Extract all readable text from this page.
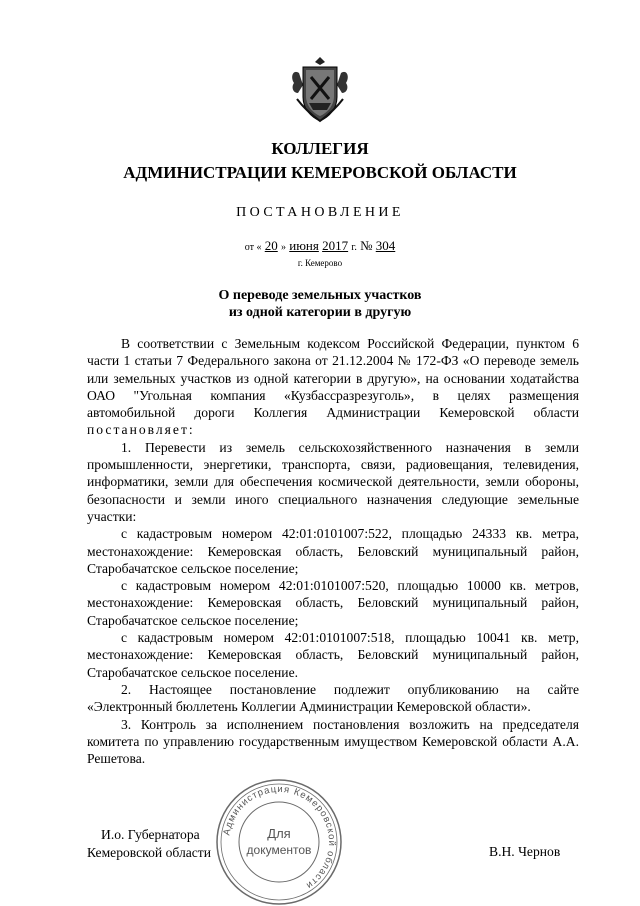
КОЛЛЕГИЯ
АДМИНИСТРАЦИИ КЕМЕРОВСКОЙ ОБЛАСТИ
ПОСТАНОВЛЕНИЕ
от « 20 » июня 2017 г. № 304
г. Кемерово
О переводе земельных участков
из одной категории в другую

В соответствии с Земельным кодексом Российской Федерации, пунктом 6 части 1 статьи 7 Федерального закона от 21.12.2004 № 172-ФЗ «О переводе земель или земельных участков из одной категории в другую», на основании ходатайства ОАО "Угольная компания «Кузбассразрезуголь», в целях размещения автомобильной дороги Коллегия Администрации Кемеровской области постановляет:

1. Перевести из земель сельскохозяйственного назначения в земли промышленности, энергетики, транспорта, связи, радиовещания, телевидения, информатики, земли для обеспечения космической деятельности, земли обороны, безопасности и земли иного специального назначения следующие земельные участки:

с кадастровым номером 42:01:0101007:522, площадью 24333 кв. метра, местонахождение: Кемеровская область, Беловский муниципальный район, Старобачатское сельское поселение;

с кадастровым номером 42:01:0101007:520, площадью 10000 кв. метров, местонахождение: Кемеровская область, Беловский муниципальный район, Старобачатское сельское поселение;

с кадастровым номером 42:01:0101007:518, площадью 10041 кв. метр, местонахождение: Кемеровская область, Беловский муниципальный район, Старобачатское сельское поселение.

2. Настоящее постановление подлежит опубликованию на сайте «Электронный бюллетень Коллегии Администрации Кемеровской области».

3. Контроль за исполнением постановления возложить на председателя комитета по управлению государственным имуществом Кемеровской области А.А. Решетова.

И.о. Губернатора
Кемеровской области	В.Н. Чернов
Администрация Кемеровской области
Для
документов
